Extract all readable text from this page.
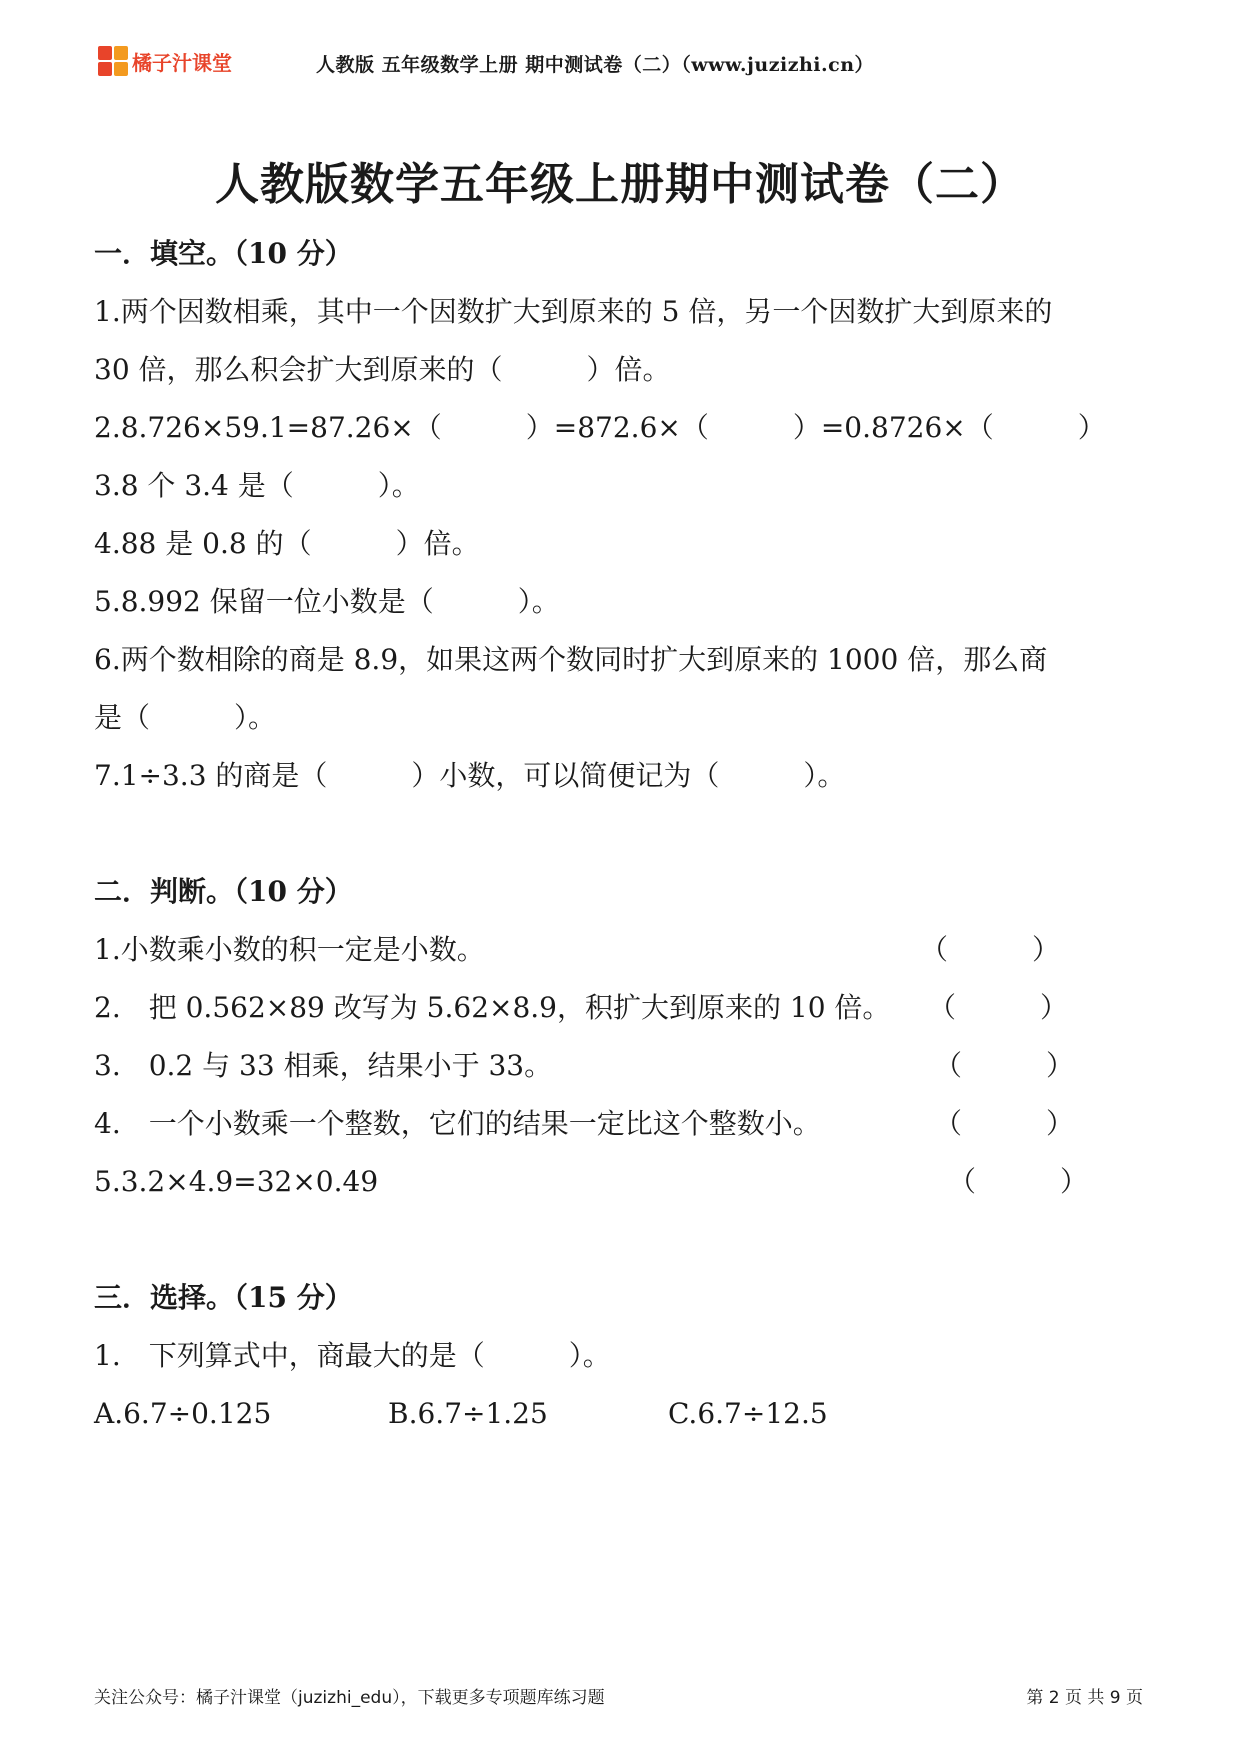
橘子汁课堂	人教版 五年级数学上册 期中测试卷（二）（www.juzizhi.cn）
人教版数学五年级上册期中测试卷（二）
一．填空。（10 分）
1.两个因数相乘，其中一个因数扩大到原来的 5 倍，另一个因数扩大到原来的
30 倍，那么积会扩大到原来的（　　　）倍。
2.8.726×59.1=87.26×（　　　）=872.6×（　　　）=0.8726×（　　　）
3.8 个 3.4 是（　　　）。
4.88 是 0.8 的（　　　）倍。
5.8.992 保留一位小数是（　　　）。
6.两个数相除的商是 8.9，如果这两个数同时扩大到原来的 1000 倍，那么商
是（　　　）。
7.1÷3.3 的商是（　　　）小数，可以简便记为（　　　）。
二．判断。（10 分）
1.小数乘小数的积一定是小数。	（　　　）
2.　把 0.562×89 改写为 5.62×8.9，积扩大到原来的 10 倍。 （　　　）
3.　0.2 与 33 相乘，结果小于 33。	（　　　）
4.　一个小数乘一个整数，它们的结果一定比这个整数小。	（　　　）
5.3.2×4.9=32×0.49	（　　　）
三．选择。（15 分）
1.　下列算式中，商最大的是（　　　）。
A.6.7÷0.125	B.6.7÷1.25	C.6.7÷12.5
关注公众号：橘子汁课堂（juzizhi_edu），下载更多专项题库练习题	第 2 页 共 9 页
